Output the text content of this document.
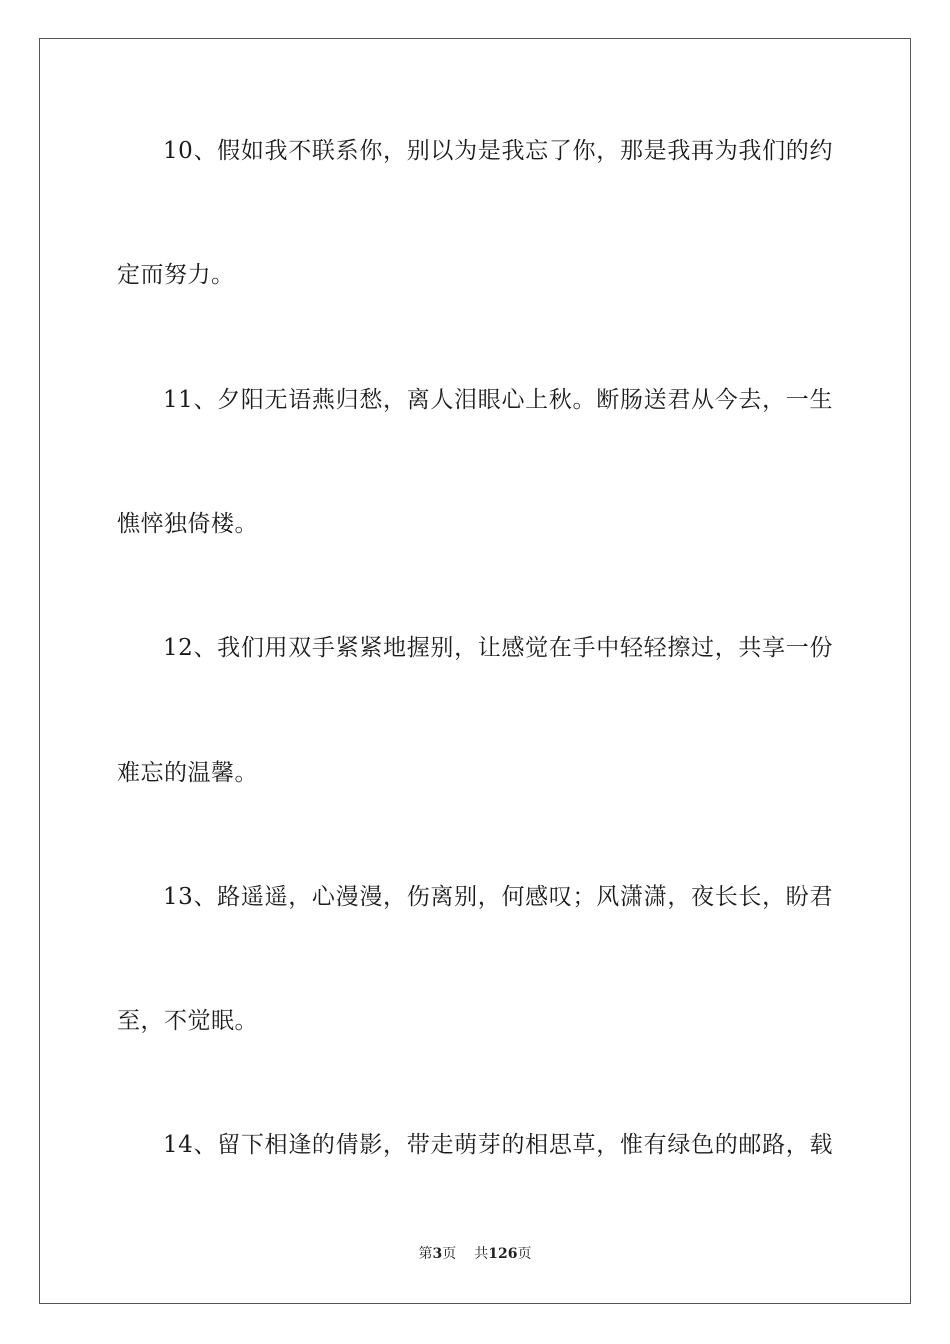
10、假如我不联系你，别以为是我忘了你，那是我再为我们的约
定而努力。
11、夕阳无语燕归愁，离人泪眼心上秋。断肠送君从今去，一生
憔悴独倚楼。
12、我们用双手紧紧地握别，让感觉在手中轻轻擦过，共享一份
难忘的温馨。
13、路遥遥，心漫漫，伤离别，何感叹；风潇潇，夜长长，盼君
至，不觉眠。
14、留下相逢的倩影，带走萌芽的相思草，惟有绿色的邮路，载
第3页 共126页
